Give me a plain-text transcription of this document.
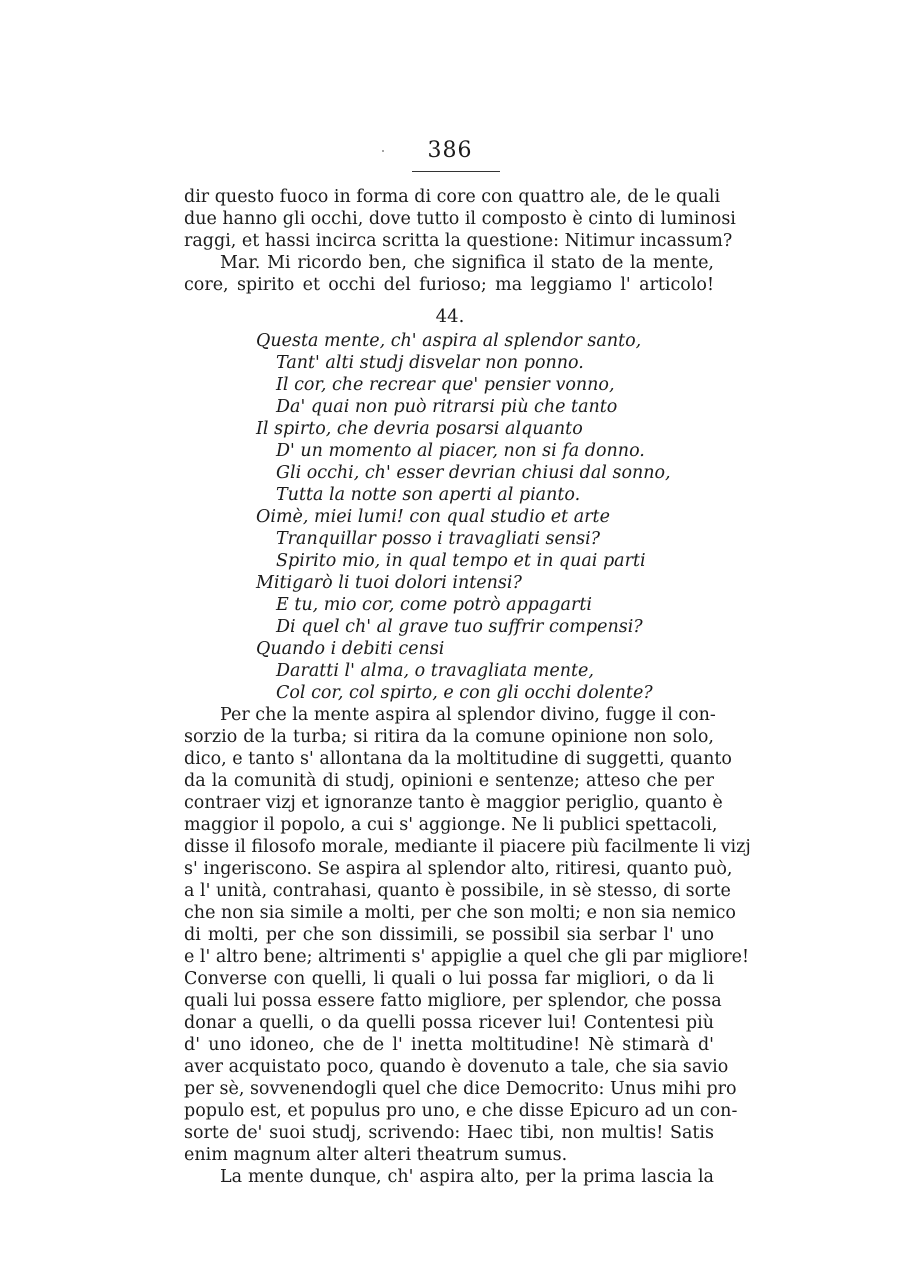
386
dir questo fuoco in forma di core con quattro ale, de le quali
due hanno gli occhi, dove tutto il composto è cinto di luminosi
raggi, et hassi incirca scritta la questione: Nitimur incassum?
Mar. Mi ricordo ben, che significa il stato de la mente,
core, spirito et occhi del furioso; ma leggiamo l' articolo!
44.
Questa mente, ch' aspira al splendor santo,
Tant' alti studj disvelar non ponno.
Il cor, che recrear que' pensier vonno,
Da' quai non può ritrarsi più che tanto
Il spirto, che devria posarsi alquanto
D' un momento al piacer, non si fa donno.
Gli occhi, ch' esser devrian chiusi dal sonno,
Tutta la notte son aperti al pianto.
Oimè, miei lumi! con qual studio et arte
Tranquillar posso i travagliati sensi?
Spirito mio, in qual tempo et in quai parti
Mitigarò li tuoi dolori intensi?
E tu, mio cor, come potrò appagarti
Di quel ch' al grave tuo suffrir compensi?
Quando i debiti censi
Daratti l' alma, o travagliata mente,
Col cor, col spirto, e con gli occhi dolente?
Per che la mente aspira al splendor divino, fugge il con-
sorzio de la turba; si ritira da la comune opinione non solo,
dico, e tanto s' allontana da la moltitudine di suggetti, quanto
da la comunità di studj, opinioni e sentenze; atteso che per
contraer vizj et ignoranze tanto è maggior periglio, quanto è
maggior il popolo, a cui s' aggionge. Ne li publici spettacoli,
disse il filosofo morale, mediante il piacere più facilmente li vizj
s' ingeriscono. Se aspira al splendor alto, ritiresi, quanto può,
a l' unità, contrahasi, quanto è possibile, in sè stesso, di sorte
che non sia simile a molti, per che son molti; e non sia nemico
di molti, per che son dissimili, se possibil sia serbar l' uno
e l' altro bene; altrimenti s' appiglie a quel che gli par migliore!
Converse con quelli, li quali o lui possa far migliori, o da li
quali lui possa essere fatto migliore, per splendor, che possa
donar a quelli, o da quelli possa ricever lui! Contentesi più
d' uno idoneo, che de l' inetta moltitudine! Nè stimarà d'
aver acquistato poco, quando è dovenuto a tale, che sia savio
per sè, sovvenendogli quel che dice Democrito: Unus mihi pro
populo est, et populus pro uno, e che disse Epicuro ad un con-
sorte de' suoi studj, scrivendo: Haec tibi, non multis! Satis
enim magnum alter alteri theatrum sumus.
La mente dunque, ch' aspira alto, per la prima lascia la
